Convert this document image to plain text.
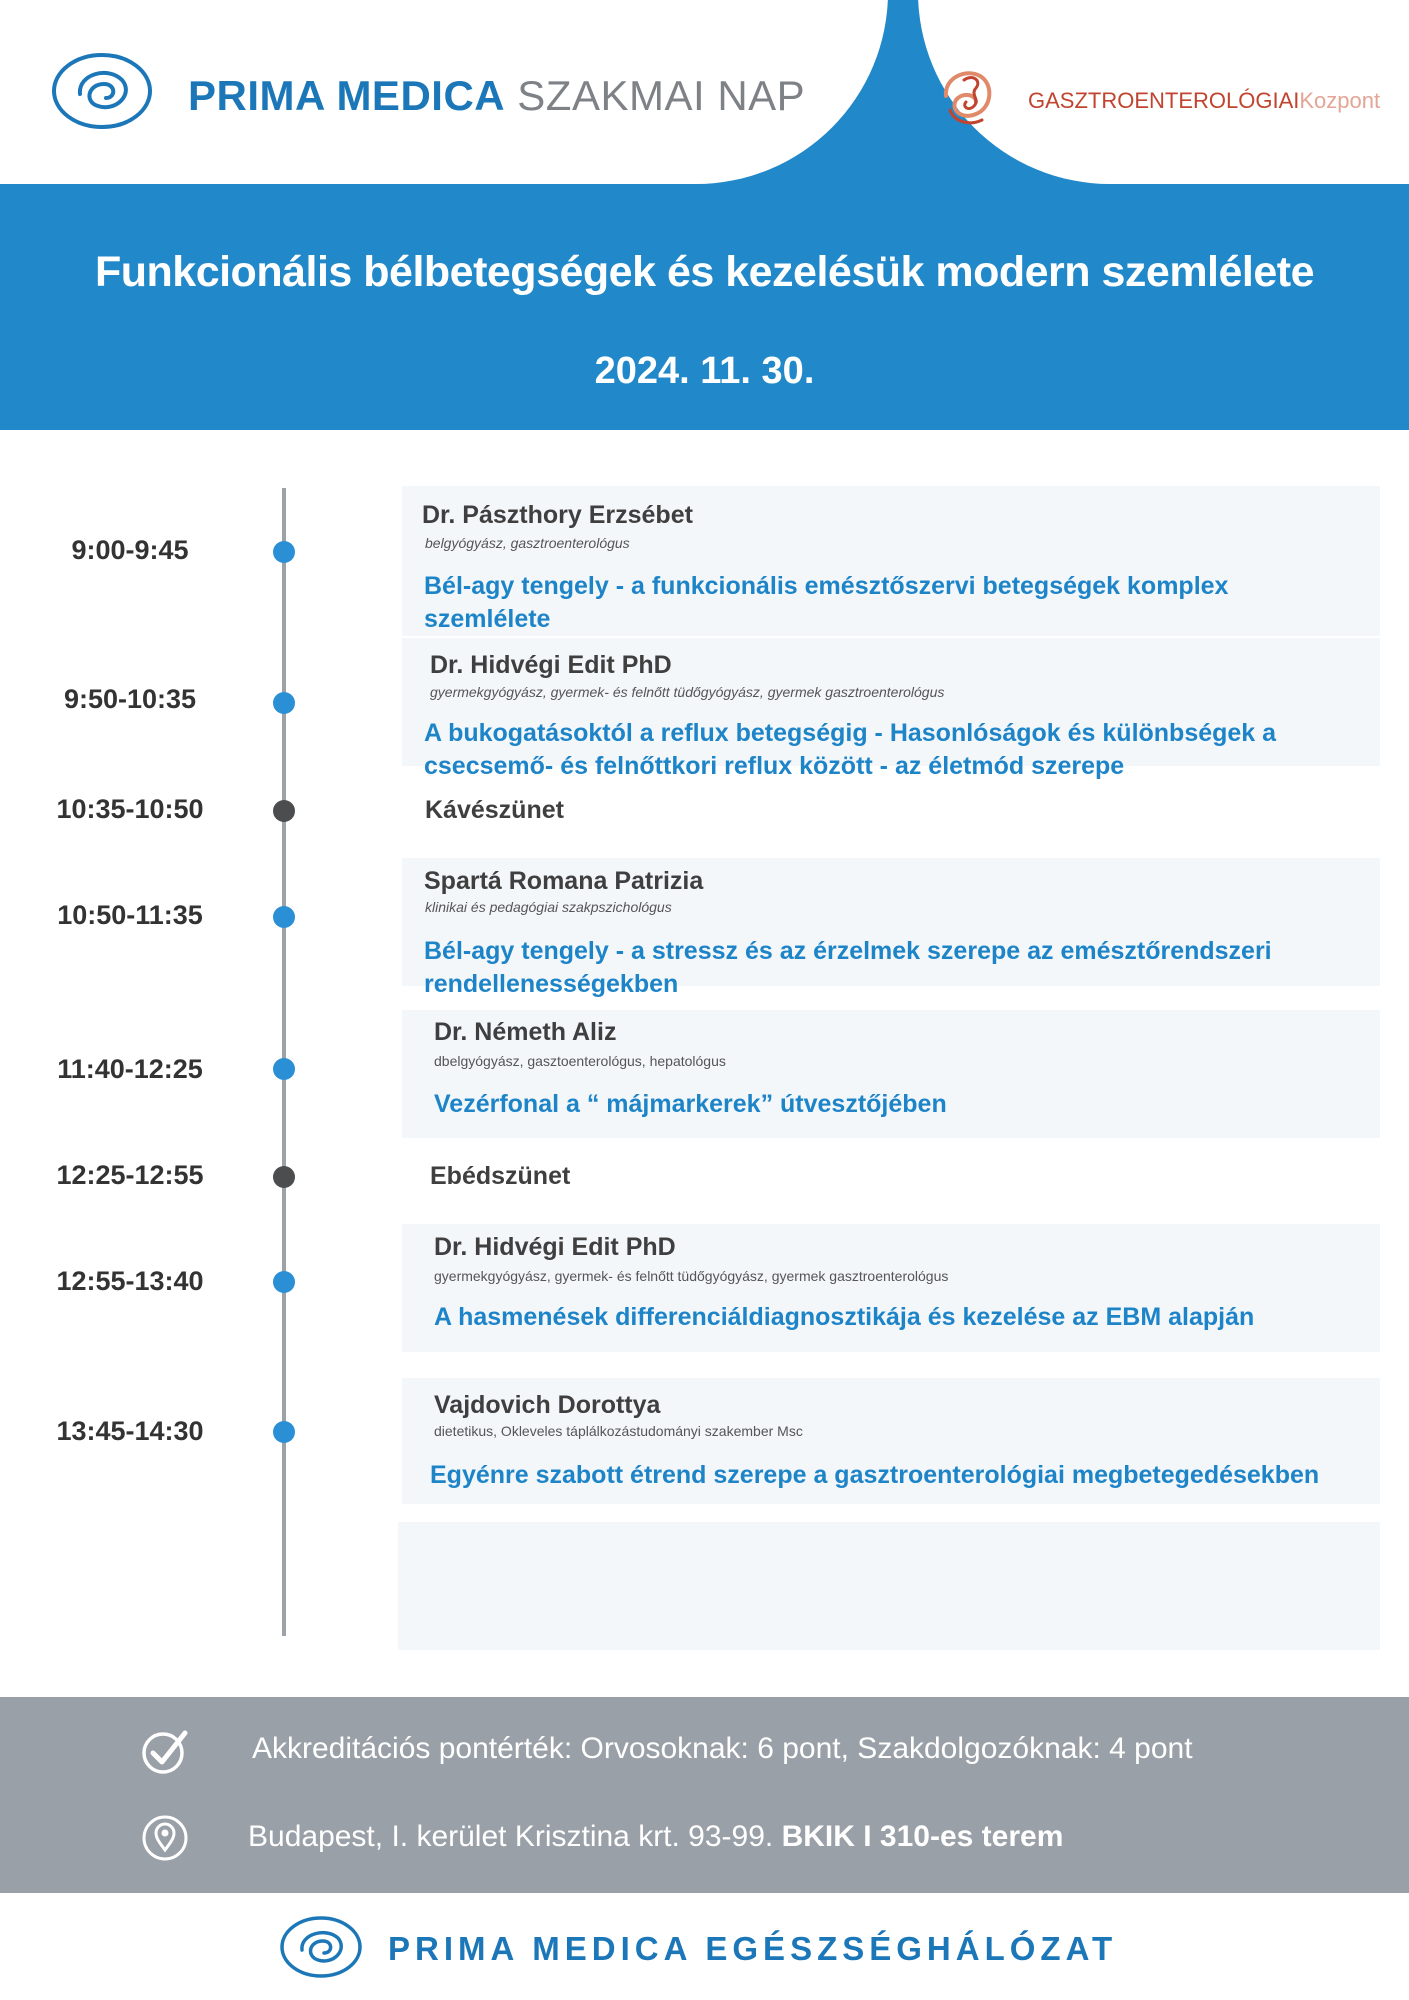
PRIMA MEDICA SZAKMAI NAP	GASZTROENTEROLÓGIAIKozpont
Funkcionális bélbetegségek és kezelésük modern szemlélete
2024. 11. 30.
9:00-9:45
9:50-10:35
10:35-10:50
10:50-11:35
11:40-12:25
12:25-12:55
12:55-13:40
13:45-14:30
Dr. Pászthory Erzsébet
belgyógyász, gasztroenterológus
Bél-agy tengely - a funkcionális emésztőszervi betegségek komplex szemlélete
Dr. Hidvégi Edit PhD
gyermekgyógyász, gyermek- és felnőtt tüdőgyógyász, gyermek gasztroenterológus
A bukogatásoktól a reflux betegségig - Hasonlóságok és különbségek a csecsemő- és felnőttkori reflux között - az életmód szerepe
Kávészünet
Spartá Romana Patrizia
klinikai és pedagógiai szakpszichológus
Bél-agy tengely - a stressz és az érzelmek szerepe az emésztőrendszeri rendellenességekben
Dr. Németh Aliz
dbelgyógyász, gasztoenterológus, hepatológus
Vezérfonal a “ májmarkerek” útvesztőjében
Ebédszünet
Dr. Hidvégi Edit PhD
gyermekgyógyász, gyermek- és felnőtt tüdőgyógyász, gyermek gasztroenterológus
A hasmenések differenciáldiagnosztikája és kezelése az EBM alapján
Vajdovich Dorottya
dietetikus, Okleveles táplálkozástudományi szakember Msc
Egyénre szabott étrend szerepe a gasztroenterológiai megbetegedésekben
Akkreditációs pontérték: Orvosoknak: 6 pont, Szakdolgozóknak: 4 pont
Budapest, I. kerület Krisztina krt. 93-99. BKIK I 310-es terem
PRIMA MEDICA EGÉSZSÉGHÁLÓZAT
